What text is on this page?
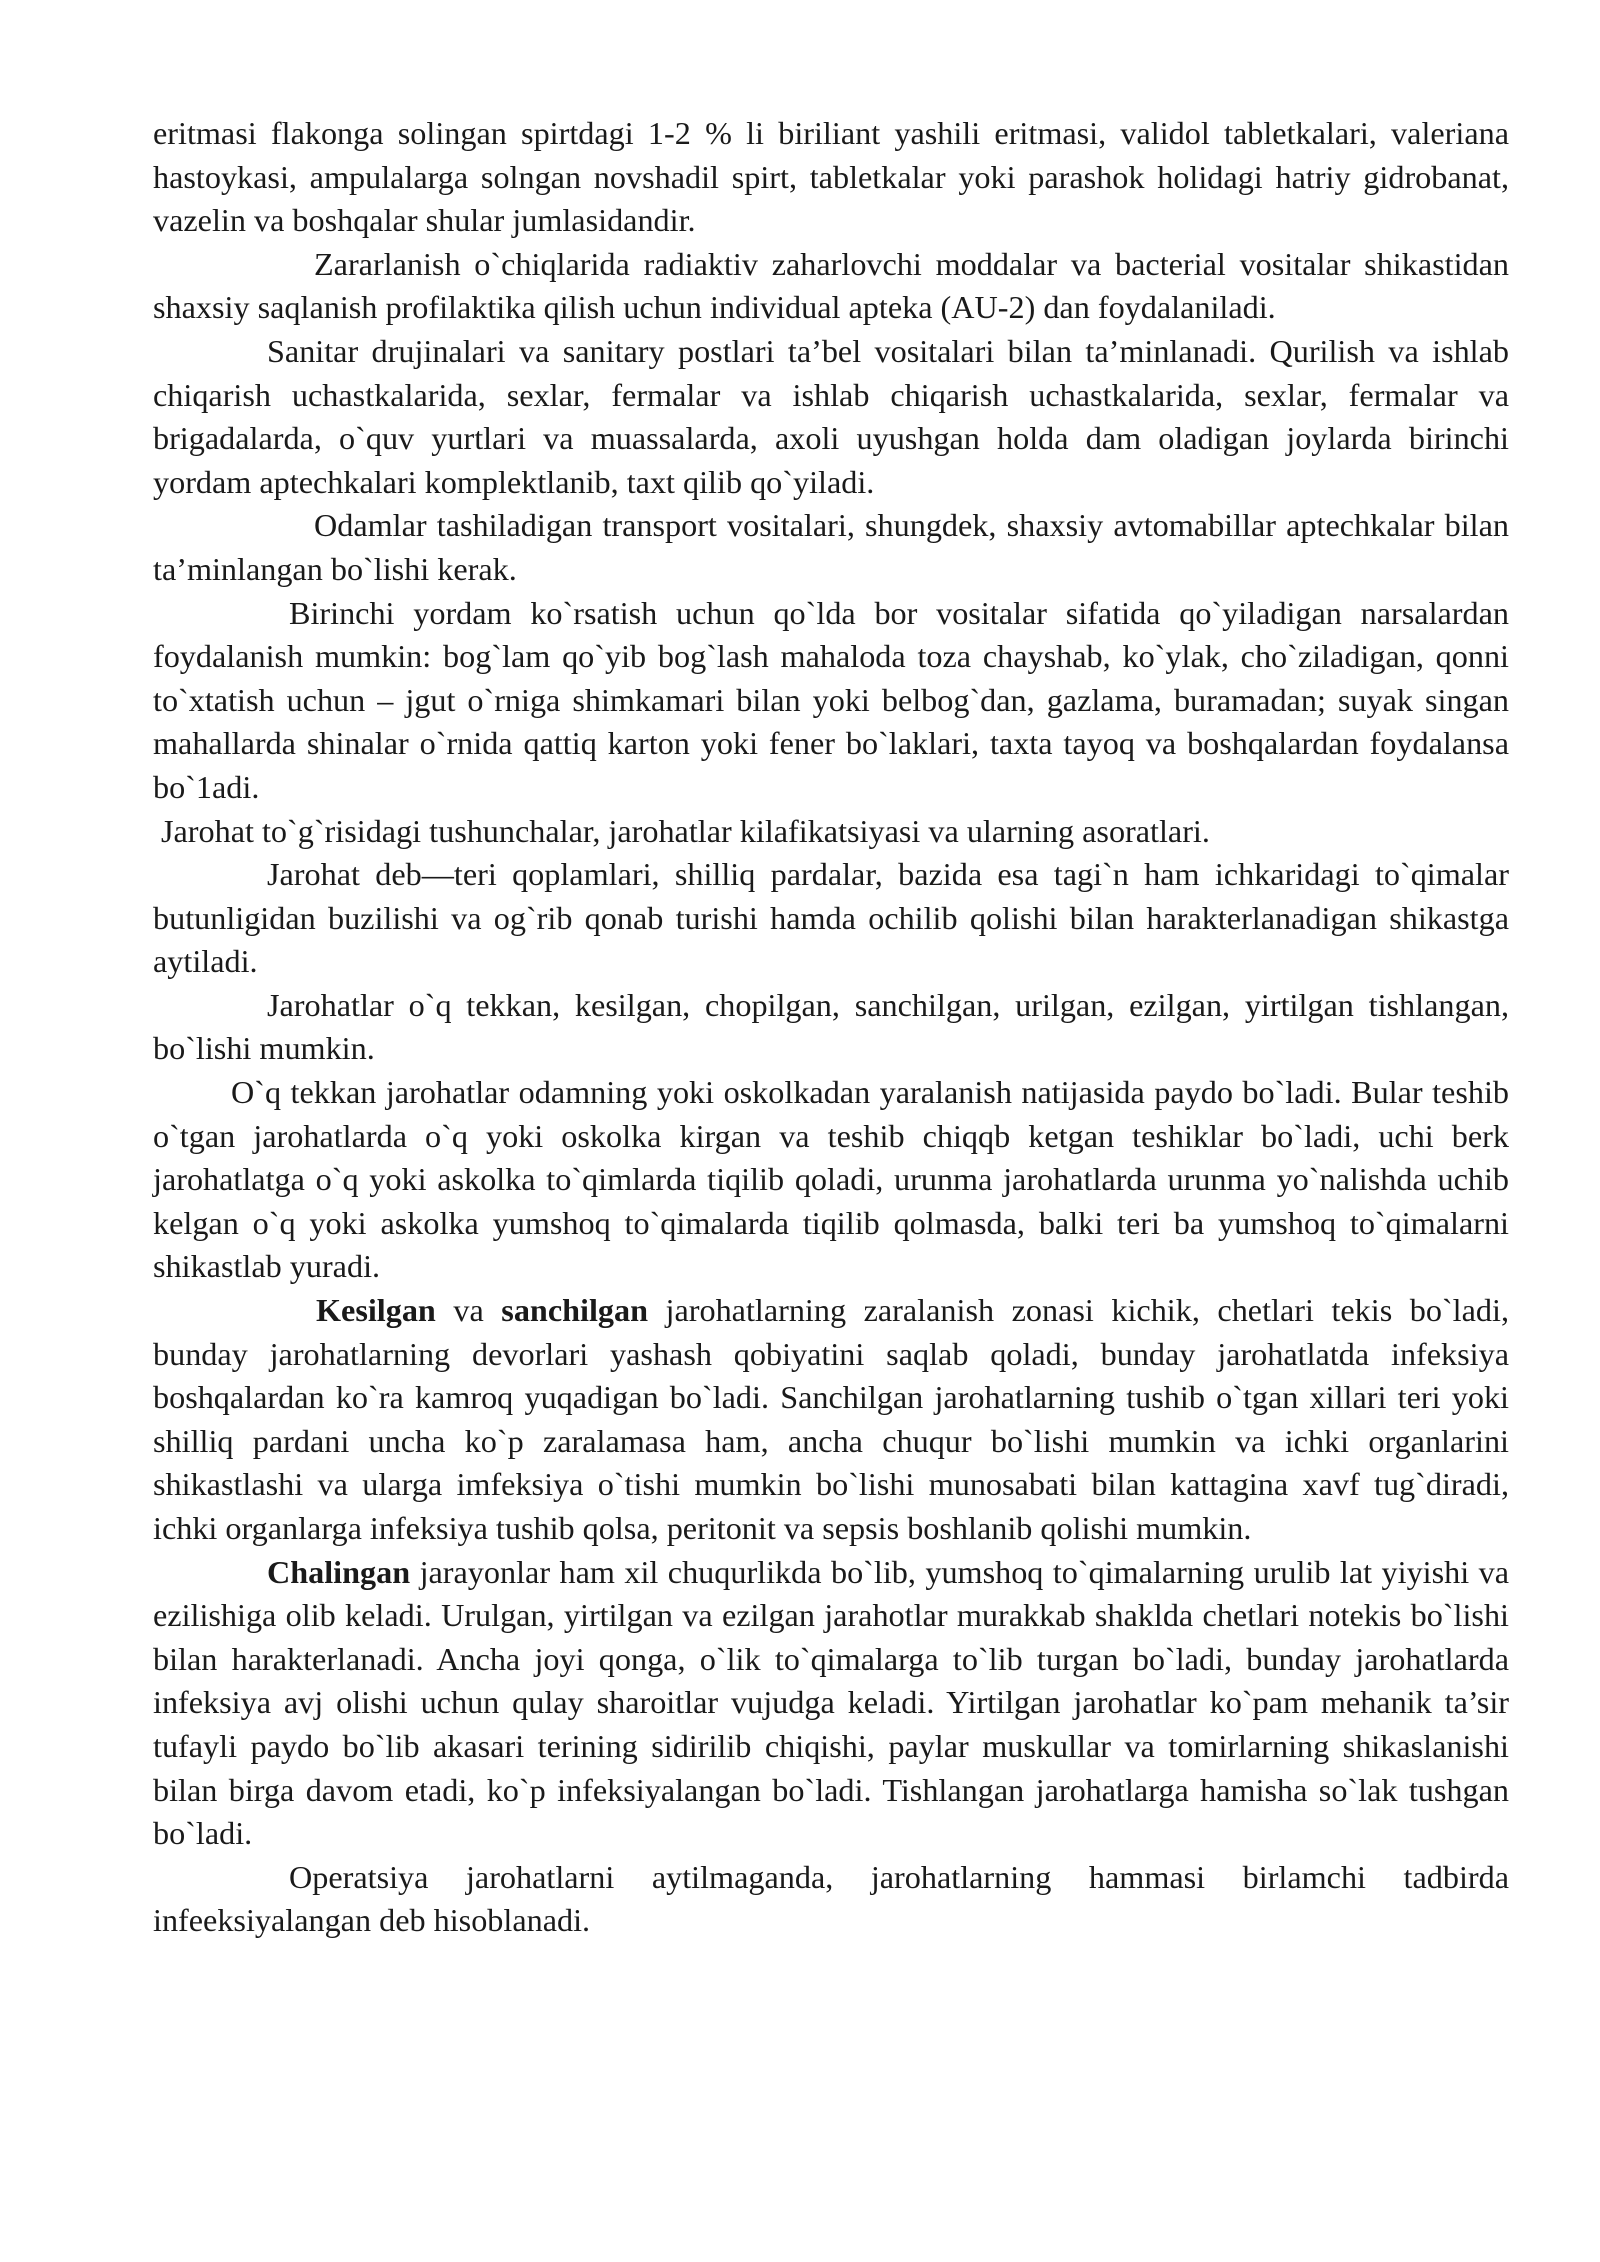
eritmasi flakonga solingan spirtdagi 1-2 % li biriliant yashili eritmasi, validol tabletkalari, valeriana hastoykasi, ampulalarga solngan novshadil spirt, tabletkalar yoki parashok holidagi hatriy gidrobanat, vazelin va boshqalar shular jumlasidandir.

Zararlanish o`chiqlarida radiaktiv zaharlovchi moddalar va bacterial vositalar shikastidan shaxsiy saqlanish profilaktika qilish uchun individual apteka (AU-2) dan foydalaniladi.

Sanitar drujinalari va sanitary postlari ta’bel vositalari bilan ta’minlanadi. Qurilish va ishlab chiqarish uchastkalarida, sexlar, fermalar va ishlab chiqarish uchastkalarida, sexlar, fermalar va brigadalarda, o`quv yurtlari va muassalarda, axoli uyushgan holda dam oladigan joylarda birinchi yordam aptechkalari komplektlanib, taxt qilib qo`yiladi.

Odamlar tashiladigan transport vositalari, shungdek, shaxsiy avtomabillar aptechkalar bilan ta’minlangan bo`lishi kerak.

Birinchi yordam ko`rsatish uchun qo`lda bor vositalar sifatida qo`yiladigan narsalardan foydalanish mumkin: bog`lam qo`yib bog`lash mahaloda toza chayshab, ko`ylak, cho`ziladigan, qonni to`xtatish uchun – jgut o`rniga shimkamari bilan yoki belbog`dan, gazlama, buramadan; suyak singan mahallarda shinalar o`rnida qattiq karton yoki fener bo`laklari, taxta tayoq va boshqalardan foydalansa bo`1adi.

Jarohat to`g`risidagi tushunchalar, jarohatlar kilafikatsiyasi va ularning asoratlari.

Jarohat deb—teri qoplamlari, shilliq pardalar, bazida esa tagi`n ham ichkaridagi to`qimalar butunligidan buzilishi va og`rib qonab turishi hamda ochilib qolishi bilan harakterlanadigan shikastga aytiladi.

Jarohatlar o`q tekkan, kesilgan, chopilgan, sanchilgan, urilgan, ezilgan, yirtilgan tishlangan, bo`lishi mumkin.

O`q tekkan jarohatlar odamning yoki oskolkadan yaralanish natijasida paydo bo`ladi. Bular teshib o`tgan jarohatlarda o`q yoki oskolka kirgan va teshib chiqqb ketgan teshiklar bo`ladi, uchi berk jarohatlatga o`q yoki askolka to`qimlarda tiqilib qoladi, urunma jarohatlarda urunma yo`nalishda uchib kelgan o`q yoki askolka yumshoq to`qimalarda tiqilib qolmasda, balki teri ba yumshoq to`qimalarni shikastlab yuradi.

Kesilgan va sanchilgan jarohatlarning zaralanish zonasi kichik, chetlari tekis bo`ladi, bunday jarohatlarning devorlari yashash qobiyatini saqlab qoladi, bunday jarohatlatda infeksiya boshqalardan ko`ra kamroq yuqadigan bo`ladi. Sanchilgan jarohatlarning tushib o`tgan xillari teri yoki shilliq pardani uncha ko`p zaralamasa ham, ancha chuqur bo`lishi mumkin va ichki organlarini shikastlashi va ularga imfeksiya o`tishi mumkin bo`lishi munosabati bilan kattagina xavf tug`diradi, ichki organlarga infeksiya tushib qolsa, peritonit va sepsis boshlanib qolishi mumkin.

Chalingan jarayonlar ham xil chuqurlikda bo`lib, yumshoq to`qimalarning urulib lat yiyishi va ezilishiga olib keladi. Urulgan, yirtilgan va ezilgan jarahotlar murakkab shaklda chetlari notekis bo`lishi bilan harakterlanadi. Ancha joyi qonga, o`lik to`qimalarga to`lib turgan bo`ladi, bunday jarohatlarda infeksiya avj olishi uchun qulay sharoitlar vujudga keladi. Yirtilgan jarohatlar ko`pam mehanik ta’sir tufayli paydo bo`lib akasari terining sidirilib chiqishi, paylar muskullar va tomirlarning shikaslanishi bilan birga davom etadi, ko`p infeksiyalangan bo`ladi. Tishlangan jarohatlarga hamisha so`lak tushgan bo`ladi.

Operatsiya jarohatlarni aytilmaganda, jarohatlarning hammasi birlamchi tadbirda infeeksiyalangan deb hisoblanadi.
